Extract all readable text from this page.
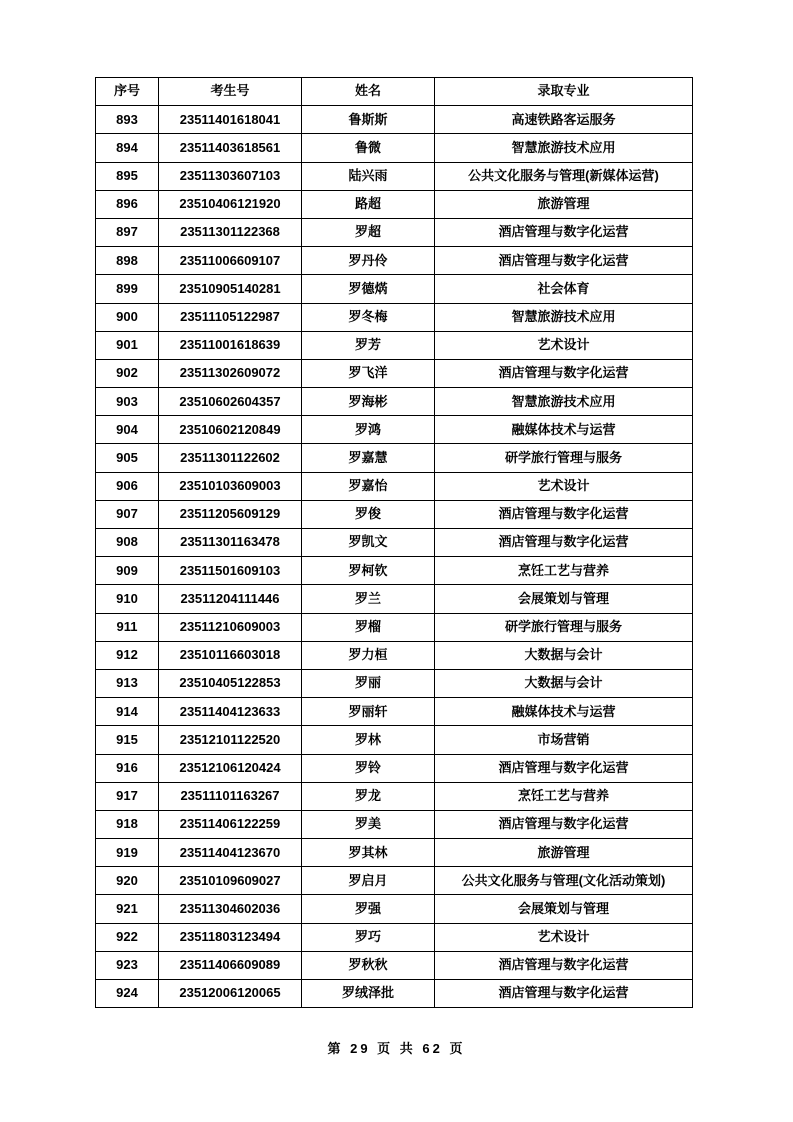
序号	考生号	姓名	录取专业
893	23511401618041	鲁斯斯	高速铁路客运服务
894	23511403618561	鲁微	智慧旅游技术应用
895	23511303607103	陆兴雨	公共文化服务与管理(新媒体运营)
896	23510406121920	路超	旅游管理
897	23511301122368	罗超	酒店管理与数字化运营
898	23511006609107	罗丹伶	酒店管理与数字化运营
899	23510905140281	罗德焫	社会体育
900	23511105122987	罗冬梅	智慧旅游技术应用
901	23511001618639	罗芳	艺术设计
902	23511302609072	罗飞洋	酒店管理与数字化运营
903	23510602604357	罗海彬	智慧旅游技术应用
904	23510602120849	罗鸿	融媒体技术与运营
905	23511301122602	罗嘉慧	研学旅行管理与服务
906	23510103609003	罗嘉怡	艺术设计
907	23511205609129	罗俊	酒店管理与数字化运营
908	23511301163478	罗凯文	酒店管理与数字化运营
909	23511501609103	罗柯钦	烹饪工艺与营养
910	23511204111446	罗兰	会展策划与管理
911	23511210609003	罗榴	研学旅行管理与服务
912	23510116603018	罗力桓	大数据与会计
913	23510405122853	罗丽	大数据与会计
914	23511404123633	罗丽轩	融媒体技术与运营
915	23512101122520	罗林	市场营销
916	23512106120424	罗铃	酒店管理与数字化运营
917	23511101163267	罗龙	烹饪工艺与营养
918	23511406122259	罗美	酒店管理与数字化运营
919	23511404123670	罗其林	旅游管理
920	23510109609027	罗启月	公共文化服务与管理(文化活动策划)
921	23511304602036	罗强	会展策划与管理
922	23511803123494	罗巧	艺术设计
923	23511406609089	罗秋秋	酒店管理与数字化运营
924	23512006120065	罗绒泽批	酒店管理与数字化运营
第 29 页 共 62 页
